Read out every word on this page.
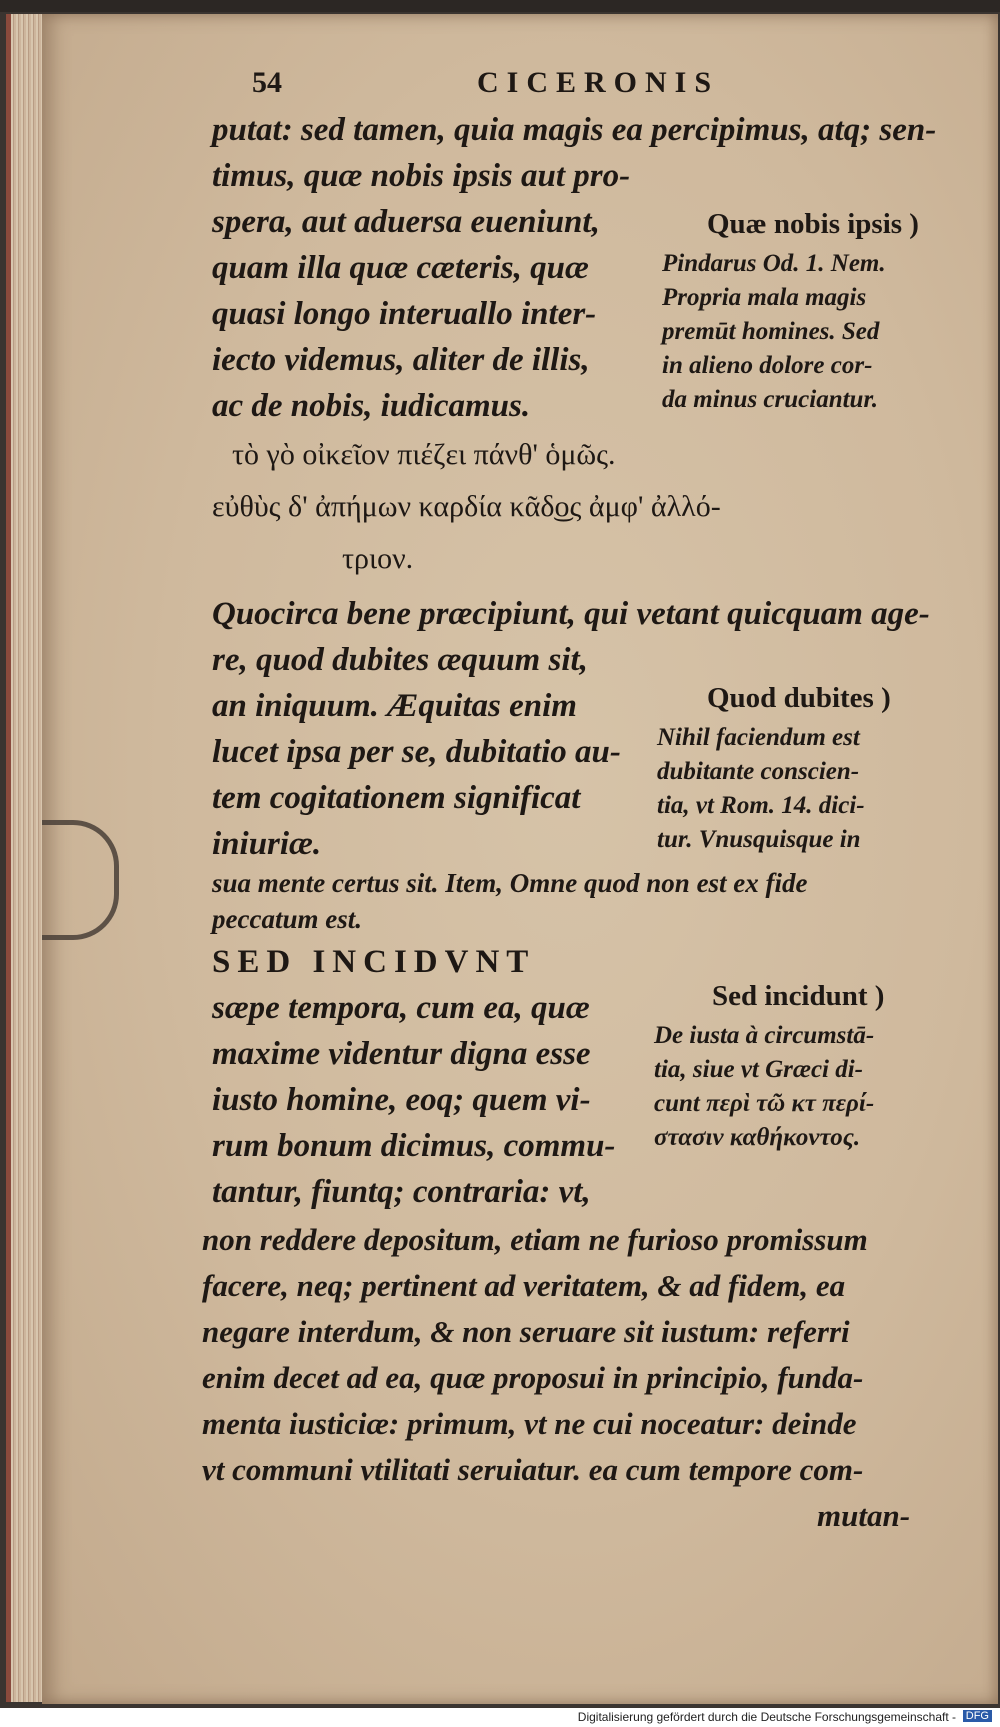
54	CICERONIS
putat: sed tamen, quia magis ea percipimus, atq; sen-
timus, quæ nobis ipsis aut pro-
spera, aut aduersa eueniunt,
quam illa quæ cæteris, quæ
quasi longo interuallo inter-
iecto videmus, aliter de illis,
ac de nobis, iudicamus.
Quæ nobis ipsis )
Pindarus Od. 1. Nem.
Propria mala magis
premūt homines. Sed
in alieno dolore cor-
da minus cruciantur.
τὸ γὸ οἰκεῖον πιέζει πάνθ' ὁμῶς.
εὐθὺς δ' ἀπήμων καρδία κᾶδ͜ος ἀμφ' ἀλλό-
τριον.
Quocirca bene præcipiunt, qui vetant quicquam age-
re, quod dubites æquum sit,
an iniquum. Æquitas enim
lucet ipsa per se, dubitatio au-
tem cogitationem significat
iniuriæ.
Quod dubites )
Nihil faciendum est
dubitante conscien-
tia, vt Rom. 14. dici-
tur. Vnusquisque in
sua mente certus sit. Item, Omne quod non est ex fide
peccatum est.
SED INCIDVNT
sæpe tempora, cum ea, quæ
maxime videntur digna esse
iusto homine, eoq; quem vi-
rum bonum dicimus, commu-
tantur, fiuntq; contraria: vt,
Sed incidunt )
De iusta à circumstā-
tia, siue vt Græci di-
cunt περὶ τῶ κτ περί-
στασιν καθήκοντος.
non reddere depositum, etiam ne furioso promissum
facere, neq; pertinent ad veritatem, & ad fidem, ea
negare interdum, & non seruare sit iustum: referri
enim decet ad ea, quæ proposui in principio, funda-
menta iusticiæ: primum, vt ne cui noceatur: deinde
vt communi vtilitati seruiatur. ea cum tempore com-
mutan-
Digitalisierung gefördert durch die Deutsche Forschungsgemeinschaft - DFG
